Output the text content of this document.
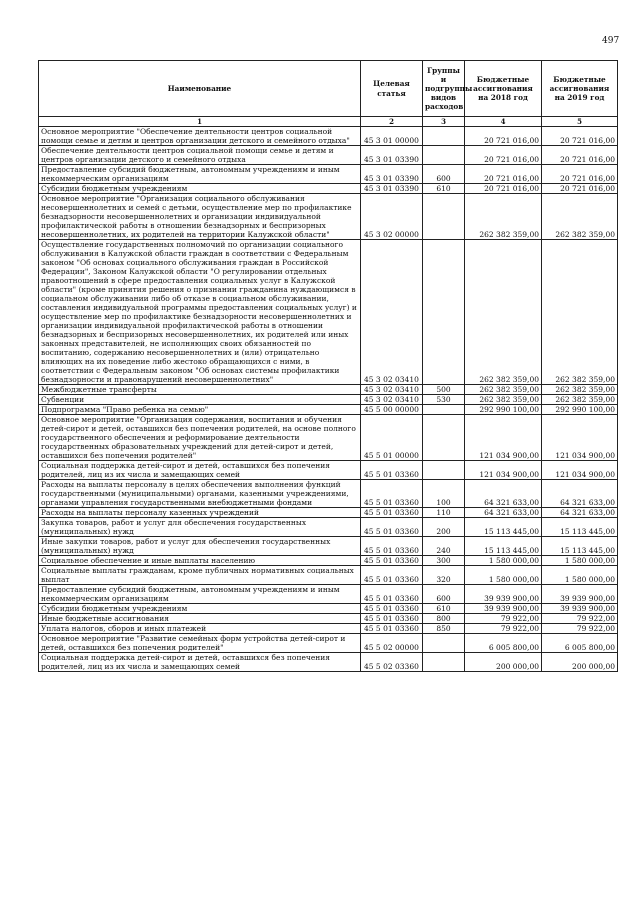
497
Наименование	Целевая статья	Группы и подгруппы видов расходов	Бюджетные ассигнования на 2018 год	Бюджетные ассигнования на 2019 год
1	2	3	4	5
Основное мероприятие "Обеспечение деятельности центров социальной помощи семье и детям и центров организации детского и семейного отдыха"	45 3 01 00000		20 721 016,00	20 721 016,00
Обеспечение деятельности центров социальной помощи семье и детям и центров организации детского и семейного отдыха	45 3 01 03390		20 721 016,00	20 721 016,00
Предоставление субсидий бюджетным, автономным учреждениям и иным некоммерческим организациям	45 3 01 03390	600	20 721 016,00	20 721 016,00
Субсидии бюджетным учреждениям	45 3 01 03390	610	20 721 016,00	20 721 016,00
Основное мероприятие "Организация социального обслуживания несовершеннолетних и семей с детьми, осуществление мер по профилактике безнадзорности несовершеннолетних и организации индивидуальной профилактической работы в отношении безнадзорных и беспризорных несовершеннолетних, их родителей на территории Калужской области"	45 3 02 00000		262 382 359,00	262 382 359,00
Осуществление государственных полномочий по организации социального обслуживания в Калужской области граждан в соответствии с Федеральным законом "Об основах социального обслуживания граждан в Российской Федерации", Законом Калужской области "О регулировании отдельных правоотношений в сфере предоставления социальных услуг в Калужской области" (кроме принятия решения о признании гражданина нуждающимся в социальном обслуживании либо об отказе в социальном обслуживании, составления индивидуальной программы предоставления социальных услуг) и осуществление мер по профилактике безнадзорности несовершеннолетних и организации индивидуальной профилактической работы в отношении безнадзорных и беспризорных несовершеннолетних, их родителей или иных законных представителей, не исполняющих своих обязанностей по воспитанию, содержанию несовершеннолетних и (или) отрицательно влияющих на их поведение либо жестоко обращающихся с ними, в соответствии с Федеральным законом "Об основах системы профилактики безнадзорности и правонарушений несовершеннолетних"	45 3 02 03410		262 382 359,00	262 382 359,00
Межбюджетные трансферты	45 3 02 03410	500	262 382 359,00	262 382 359,00
Субвенции	45 3 02 03410	530	262 382 359,00	262 382 359,00
Подпрограмма "Право ребенка на семью"	45 5 00 00000		292 990 100,00	292 990 100,00
Основное мероприятие "Организация содержания, воспитания и обучения детей-сирот и детей, оставшихся без попечения родителей, на основе полного государственного обеспечения и реформирование деятельности государственных образовательных учреждений для детей-сирот и детей, оставшихся без попечения родителей"	45 5 01 00000		121 034 900,00	121 034 900,00
Социальная поддержка детей-сирот и детей, оставшихся без попечения родителей, лиц из их числа и замещающих семей	45 5 01 03360		121 034 900,00	121 034 900,00
Расходы на выплаты персоналу в целях обеспечения выполнения функций государственными (муниципальными) органами, казенными учреждениями, органами управления государственными внебюджетными фондами	45 5 01 03360	100	64 321 633,00	64 321 633,00
Расходы на выплаты персоналу казенных учреждений	45 5 01 03360	110	64 321 633,00	64 321 633,00
Закупка товаров, работ и услуг для обеспечения государственных (муниципальных) нужд	45 5 01 03360	200	15 113 445,00	15 113 445,00
Иные закупки товаров, работ и услуг для обеспечения государственных (муниципальных) нужд	45 5 01 03360	240	15 113 445,00	15 113 445,00
Социальное обеспечение и иные выплаты населению	45 5 01 03360	300	1 580 000,00	1 580 000,00
Социальные выплаты гражданам, кроме публичных нормативных социальных выплат	45 5 01 03360	320	1 580 000,00	1 580 000,00
Предоставление субсидий бюджетным, автономным учреждениям и иным некоммерческим организациям	45 5 01 03360	600	39 939 900,00	39 939 900,00
Субсидии бюджетным учреждениям	45 5 01 03360	610	39 939 900,00	39 939 900,00
Иные бюджетные ассигнования	45 5 01 03360	800	79 922,00	79 922,00
Уплата налогов, сборов и иных платежей	45 5 01 03360	850	79 922,00	79 922,00
Основное мероприятие "Развитие семейных форм устройства детей-сирот и детей, оставшихся без попечения родителей"	45 5 02 00000		6 005 800,00	6 005 800,00
Социальная поддержка детей-сирот и детей, оставшихся без попечения родителей, лиц из их числа и замещающих семей	45 5 02 03360		200 000,00	200 000,00
